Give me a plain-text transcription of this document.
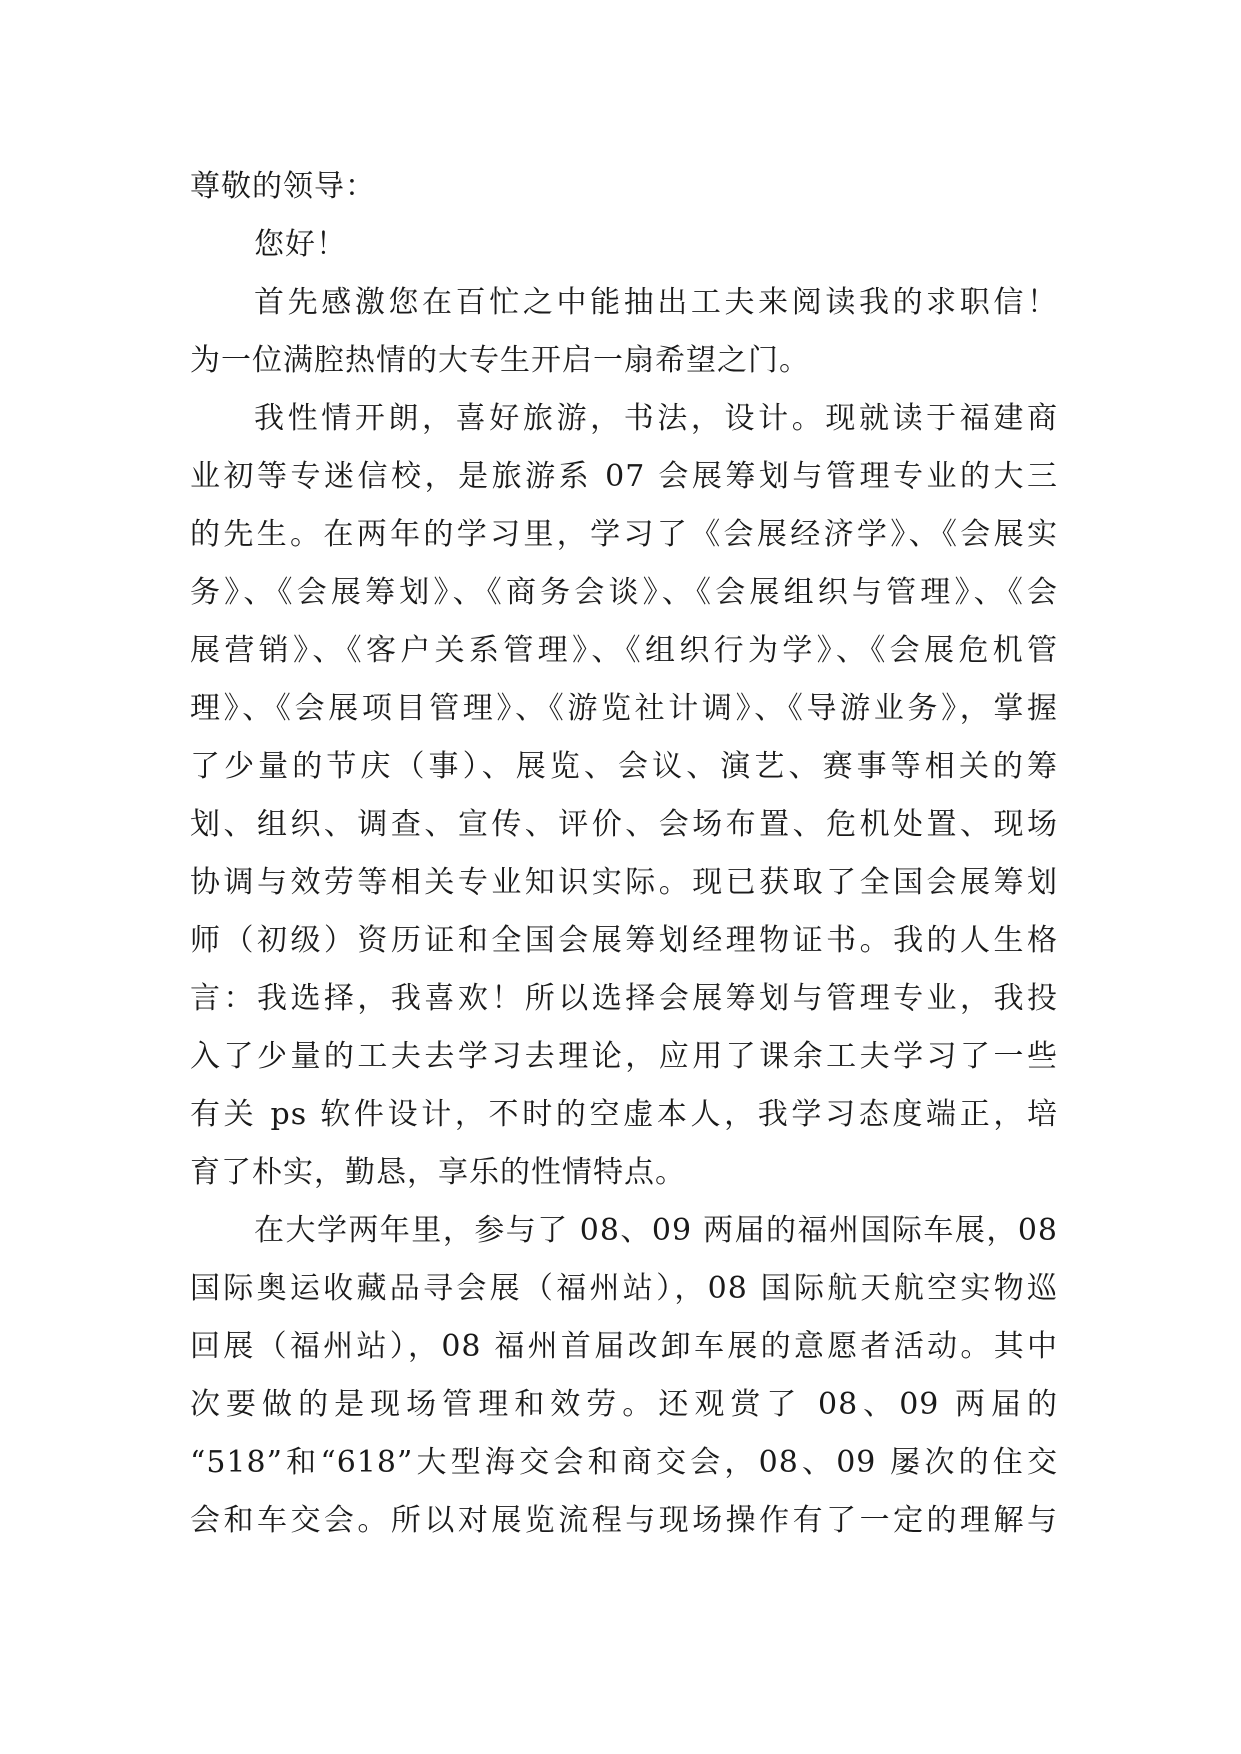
尊敬的领导：
您好！
首先感激您在百忙之中能抽出工夫来阅读我的求职信！
为一位满腔热情的大专生开启一扇希望之门。
我性情开朗，喜好旅游，书法，设计。现就读于福建商
业初等专迷信校，是旅游系 07 会展筹划与管理专业的大三
的先生。在两年的学习里，学习了《会展经济学》、《会展实
务》、《会展筹划》、《商务会谈》、《会展组织与管理》、《会
展营销》、《客户关系管理》、《组织行为学》、《会展危机管
理》、《会展项目管理》、《游览社计调》、《导游业务》，掌握
了少量的节庆（事）、展览、会议、演艺、赛事等相关的筹
划、组织、调查、宣传、评价、会场布置、危机处置、现场
协调与效劳等相关专业知识实际。现已获取了全国会展筹划
师（初级）资历证和全国会展筹划经理物证书。我的人生格
言：我选择，我喜欢！所以选择会展筹划与管理专业，我投
入了少量的工夫去学习去理论，应用了课余工夫学习了一些
有关 ps 软件设计，不时的空虚本人，我学习态度端正，培
育了朴实，勤恳，享乐的性情特点。
在大学两年里，参与了 08、09 两届的福州国际车展，08
国际奥运收藏品寻会展（福州站），08 国际航天航空实物巡
回展（福州站），08 福州首届改卸车展的意愿者活动。其中
次要做的是现场管理和效劳。还观赏了 08、09 两届的
“518”和“618”大型海交会和商交会，08、09 屡次的住交
会和车交会。所以对展览流程与现场操作有了一定的理解与
